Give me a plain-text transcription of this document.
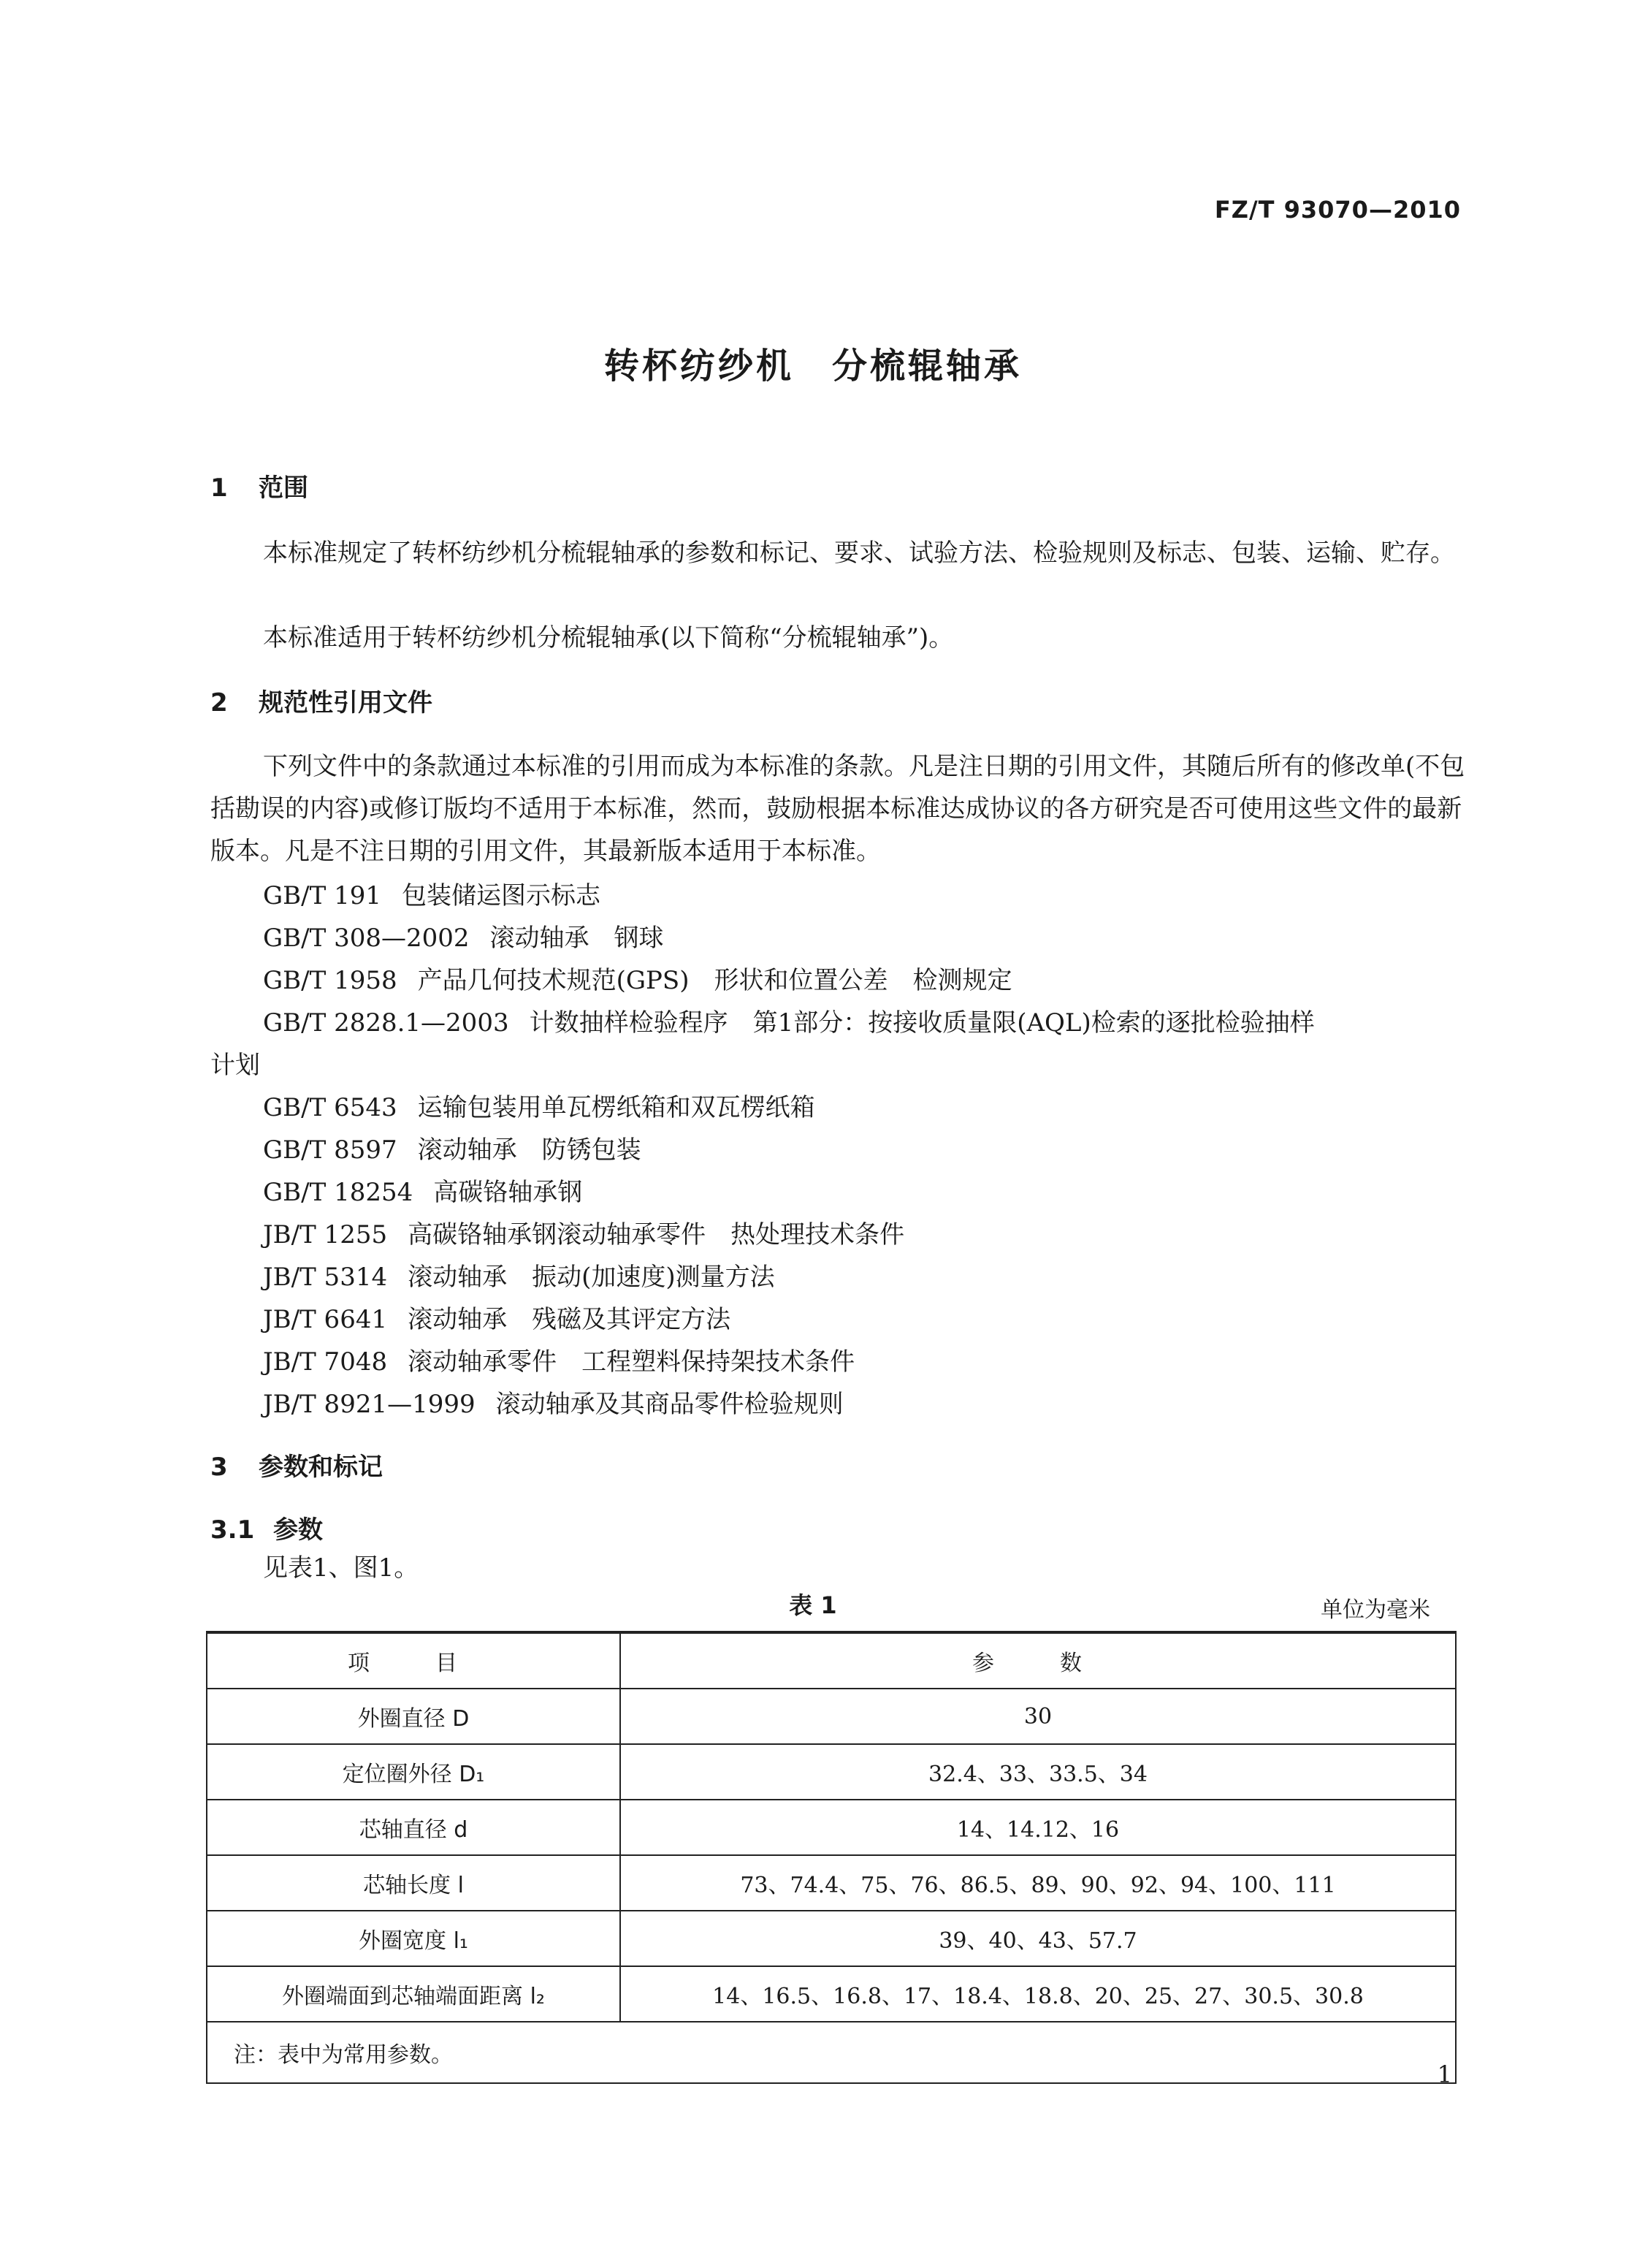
FZ/T 93070—2010
转杯纺纱机　分梳辊轴承
1 范围
本标准规定了转杯纺纱机分梳辊轴承的参数和标记、要求、试验方法、检验规则及标志、包装、运输、贮存。
本标准适用于转杯纺纱机分梳辊轴承(以下简称“分梳辊轴承”)。
2 规范性引用文件
下列文件中的条款通过本标准的引用而成为本标准的条款。凡是注日期的引用文件，其随后所有的修改单(不包括勘误的内容)或修订版均不适用于本标准，然而，鼓励根据本标准达成协议的各方研究是否可使用这些文件的最新版本。凡是不注日期的引用文件，其最新版本适用于本标准。
GB/T 191 包装储运图示标志
GB/T 308—2002 滚动轴承　钢球
GB/T 1958 产品几何技术规范(GPS)　形状和位置公差　检测规定
GB/T 2828.1—2003 计数抽样检验程序　第1部分：按接收质量限(AQL)检索的逐批检验抽样
计划
GB/T 6543 运输包装用单瓦楞纸箱和双瓦楞纸箱
GB/T 8597 滚动轴承　防锈包装
GB/T 18254 高碳铬轴承钢
JB/T 1255 高碳铬轴承钢滚动轴承零件　热处理技术条件
JB/T 5314 滚动轴承　振动(加速度)测量方法
JB/T 6641 滚动轴承　残磁及其评定方法
JB/T 7048 滚动轴承零件　工程塑料保持架技术条件
JB/T 8921—1999 滚动轴承及其商品零件检验规则
3 参数和标记
3.1 参数
见表1、图1。
表 1	单位为毫米
项　目	参　数
外圈直径 D	30
定位圈外径 D₁	32.4、33、33.5、34
芯轴直径 d	14、14.12、16
芯轴长度 l	73、74.4、75、76、86.5、89、90、92、94、100、111
外圈宽度 l₁	39、40、43、57.7
外圈端面到芯轴端面距离 l₂	14、16.5、16.8、17、18.4、18.8、20、25、27、30.5、30.8
注：表中为常用参数。	
1
